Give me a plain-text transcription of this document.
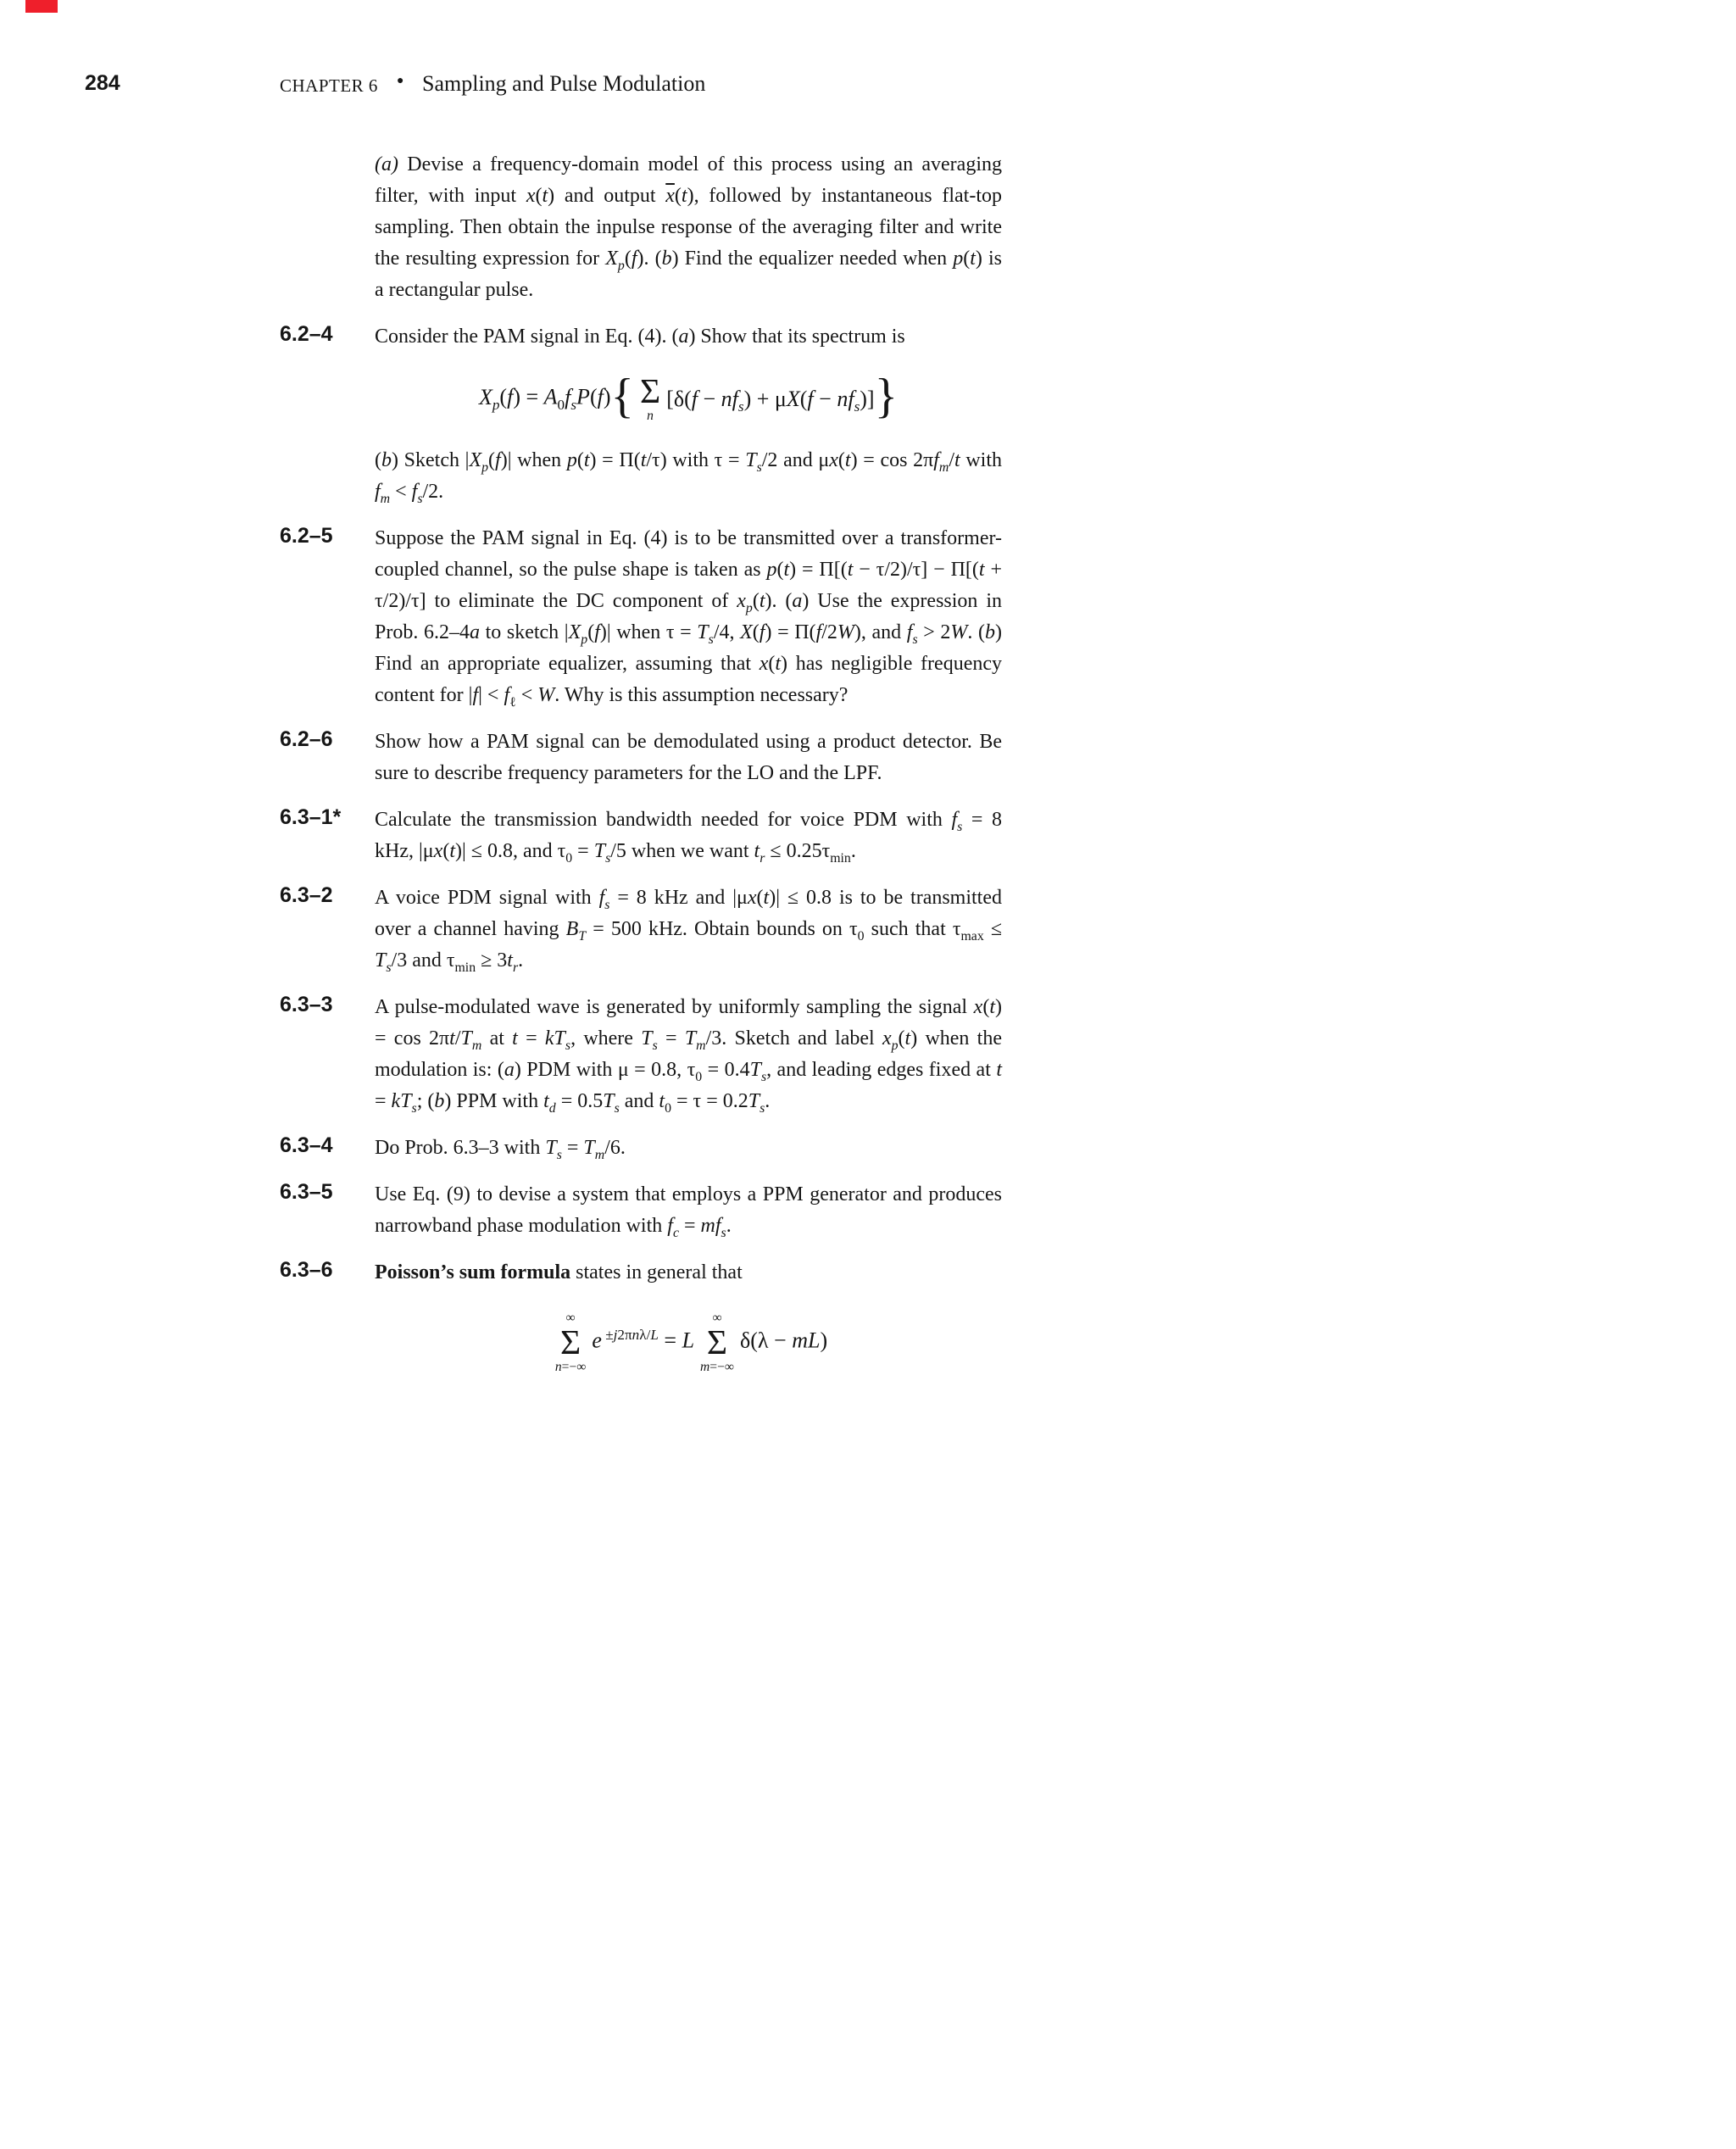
284	CHAPTER 6 ● Sampling and Pulse Modulation

(a) Devise a frequency-domain model of this process using an averaging filter, with input x(t) and output $\overline{x}(t)$, followed by instantaneous flat-top sampling. Then obtain the inpulse response of the averaging filter and write the resulting expression for $X_p(f)$. (b) Find the equalizer needed when p(t) is a rectangular pulse.

6.2–4	Consider the PAM signal in Eq. (4). (a) Show that its spectrum is

$X_p(f) = A_0f_sP(f)${ Σ
n
$[\delta(f - nf_s) + \mu X(f - nf_s)]$}

(b) Sketch $|X_p(f)|$ when p(t) = Π(t/τ) with $\tau = T_s/2$ and $\mu x(t) = \cos 2\pi f_m/t$ with $f_m < f_s/2$.

6.2–5	Suppose the PAM signal in Eq. (4) is to be transmitted over a transformer-coupled channel, so the pulse shape is taken as p(t) = Π[(t − τ/2)/τ] − Π[(t + τ/2)/τ] to eliminate the DC component of $x_p(t)$. (a) Use the expression in Prob. 6.2–4a to sketch $|X_p(f)|$ when $\tau = T_s/4$, X(f) = Π(f/2W), and $f_s > 2W$. (b) Find an appropriate equalizer, assuming that x(t) has negligible frequency content for $|f| < f_\ell < W$. Why is this assumption necessary?

6.2–6	Show how a PAM signal can be demodulated using a product detector. Be sure to describe frequency parameters for the LO and the LPF.

6.3–1*	Calculate the transmission bandwidth needed for voice PDM with $f_s = 8$ kHz, |μx(t)| ≤ 0.8, and $\tau_0 = T_s/5$ when we want $t_r \le 0.25\tau_{min}$.

6.3–2	A voice PDM signal with $f_s = 8$ kHz and |μx(t)| ≤ 0.8 is to be transmitted over a channel having $B_T = 500$ kHz. Obtain bounds on $\tau_0$ such that $\tau_{max} \le T_s/3$ and $\tau_{min} \ge 3t_r$.

6.3–3	A pulse-modulated wave is generated by uniformly sampling the signal $x(t) = \cos 2\pi t/T_m$ at $t = kT_s$, where $T_s = T_m/3$. Sketch and label $x_p(t)$ when the modulation is: (a) PDM with μ = 0.8, $\tau_0 = 0.4T_s$, and leading edges fixed at $t = kT_s$; (b) PPM with $t_d = 0.5T_s$ and $t_0 = \tau = 0.2T_s$.

6.3–4	Do Prob. 6.3–3 with $T_s = T_m/6$.

6.3–5	Use Eq. (9) to devise a system that employs a PPM generator and produces narrowband phase modulation with $f_c = mf_s$.

6.3–6	Poisson’s sum formula states in general that

∞
Σ
n=−∞
e $^{\pm j2\pi n\lambda/L}$ = L
∞
Σ
m=−∞
δ(λ − mL)
